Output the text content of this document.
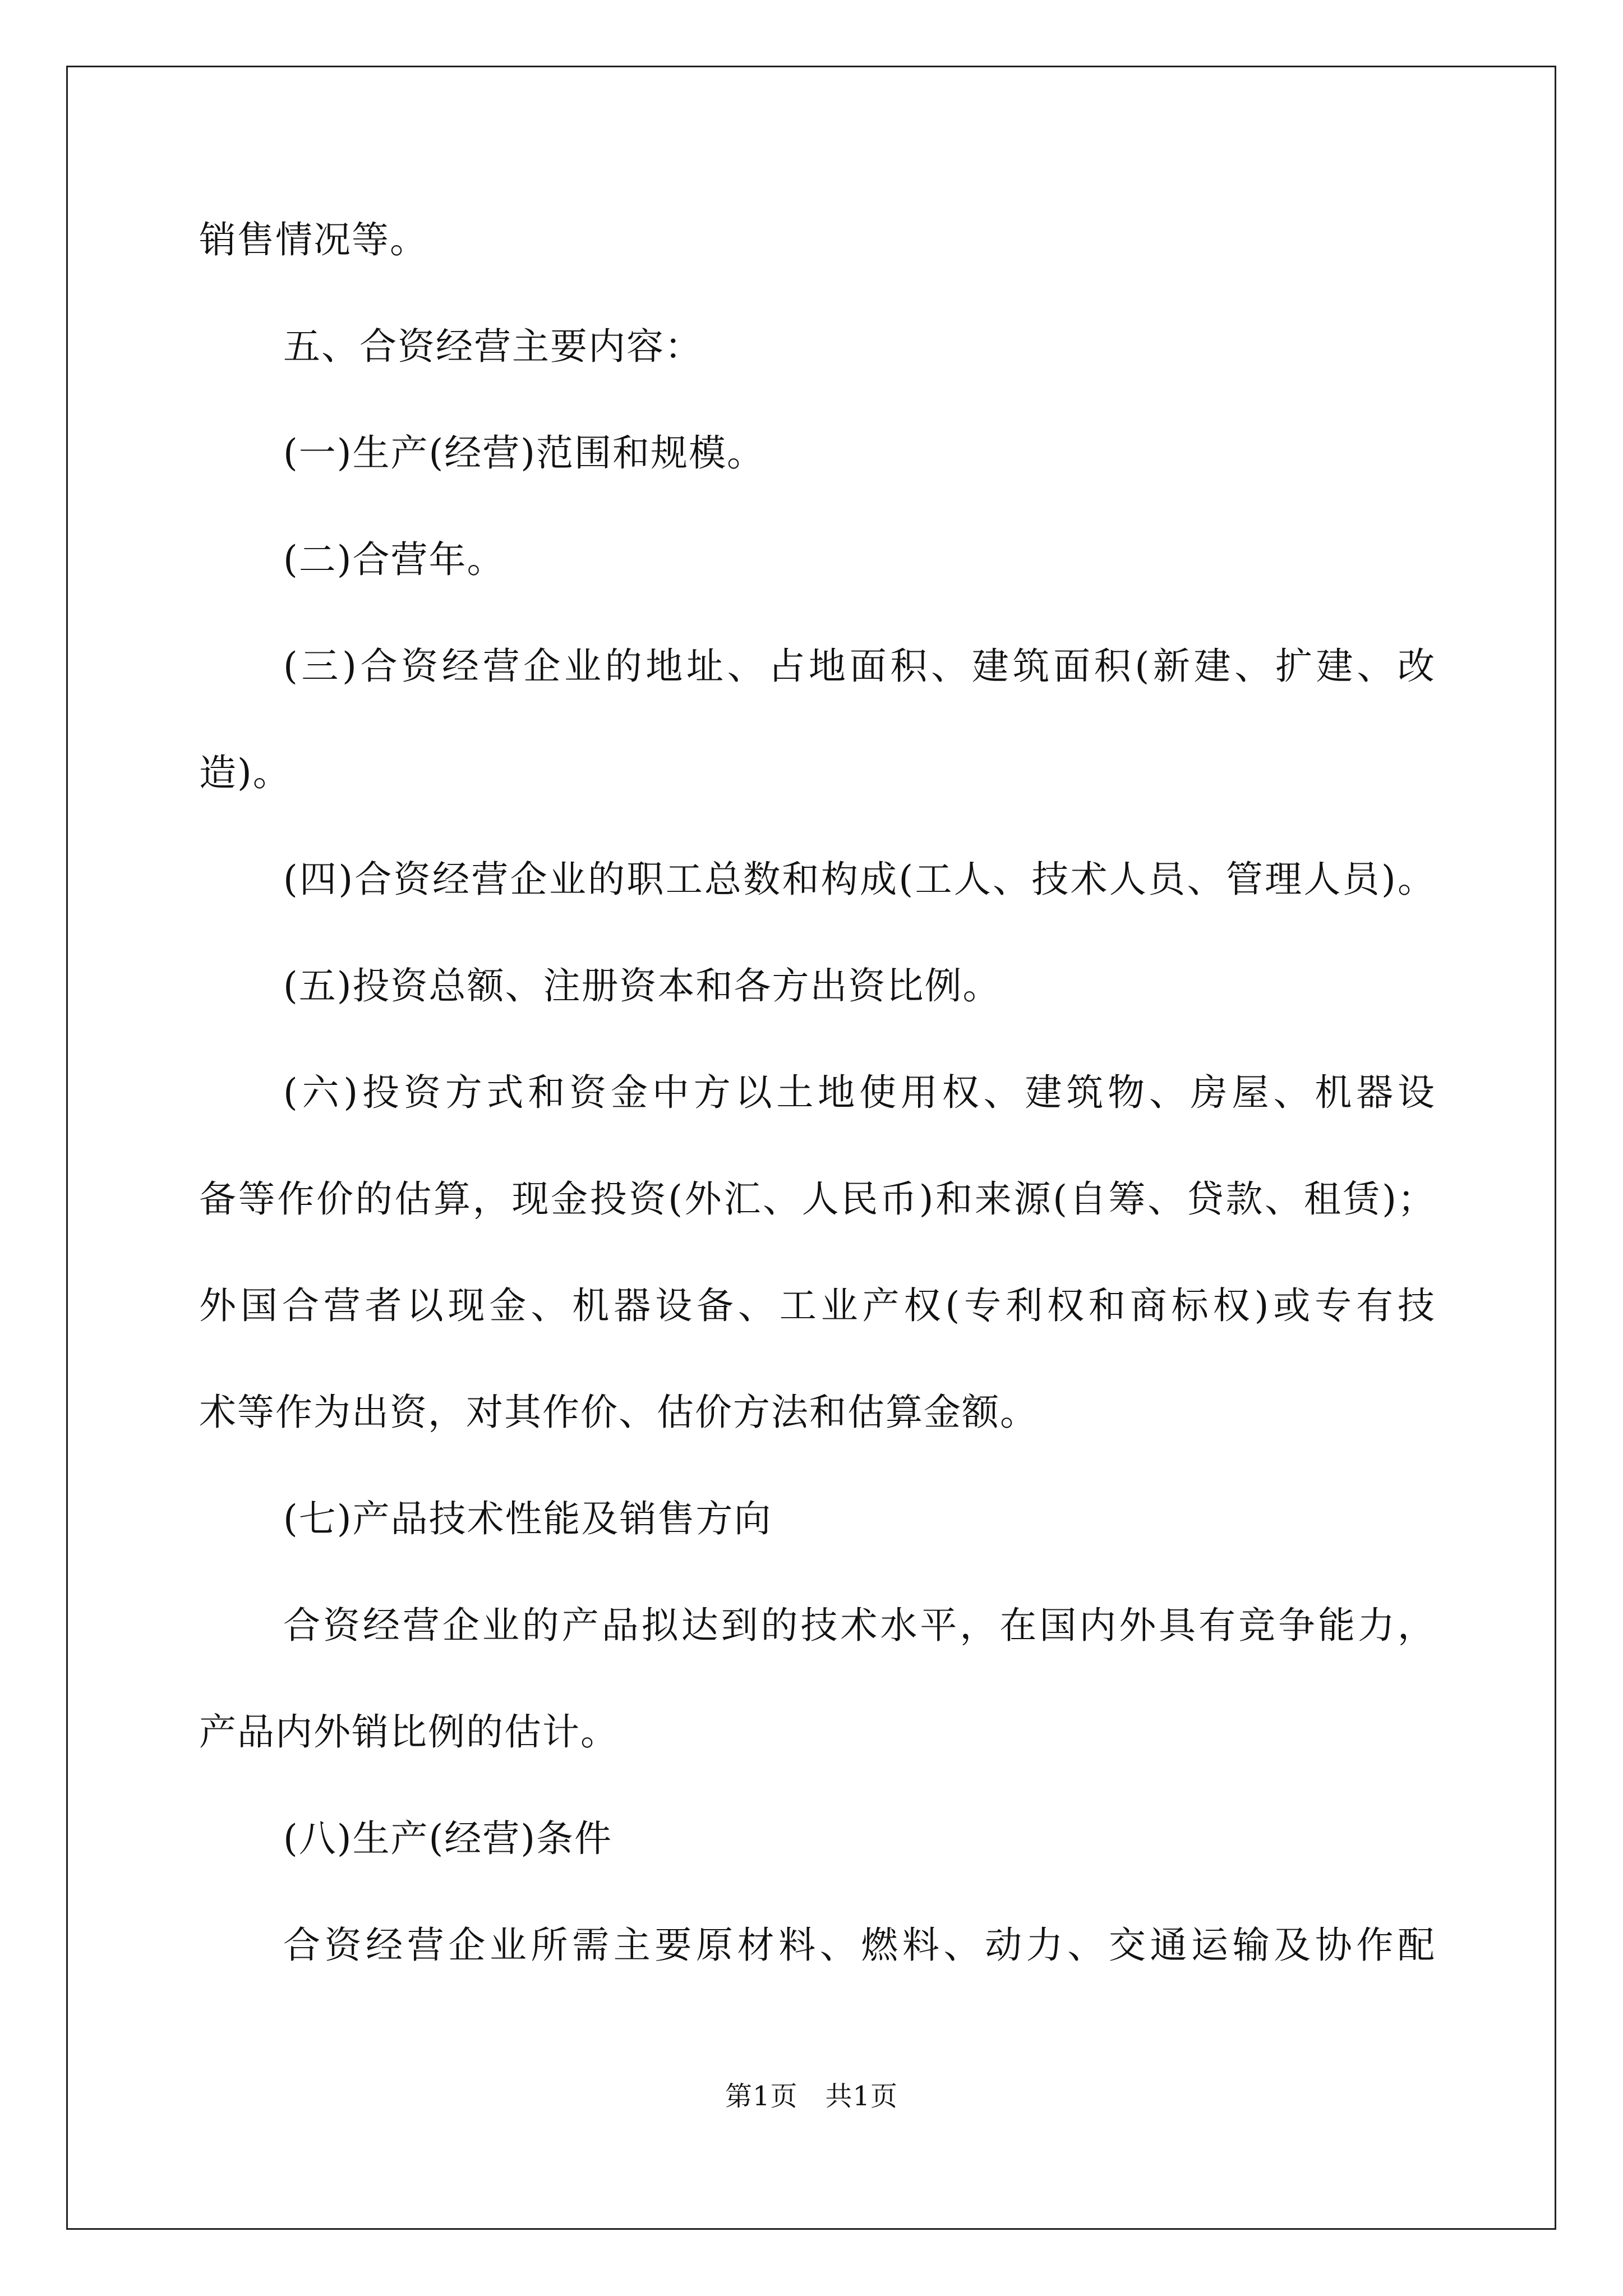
销售情况等。
五、合资经营主要内容：
(一)生产(经营)范围和规模。
(二)合营年。
(三)合资经营企业的地址、占地面积、建筑面积(新建、扩建、改
造)。
(四)合资经营企业的职工总数和构成(工人、技术人员、管理人员)。
(五)投资总额、注册资本和各方出资比例。
(六)投资方式和资金中方以土地使用权、建筑物、房屋、机器设
备等作价的估算，现金投资(外汇、人民币)和来源(自筹、贷款、租赁)；
外国合营者以现金、机器设备、工业产权(专利权和商标权)或专有技
术等作为出资，对其作价、估价方法和估算金额。
(七)产品技术性能及销售方向
合资经营企业的产品拟达到的技术水平，在国内外具有竞争能力，
产品内外销比例的估计。
(八)生产(经营)条件
合资经营企业所需主要原材料、燃料、动力、交通运输及协作配
第1页　共1页
